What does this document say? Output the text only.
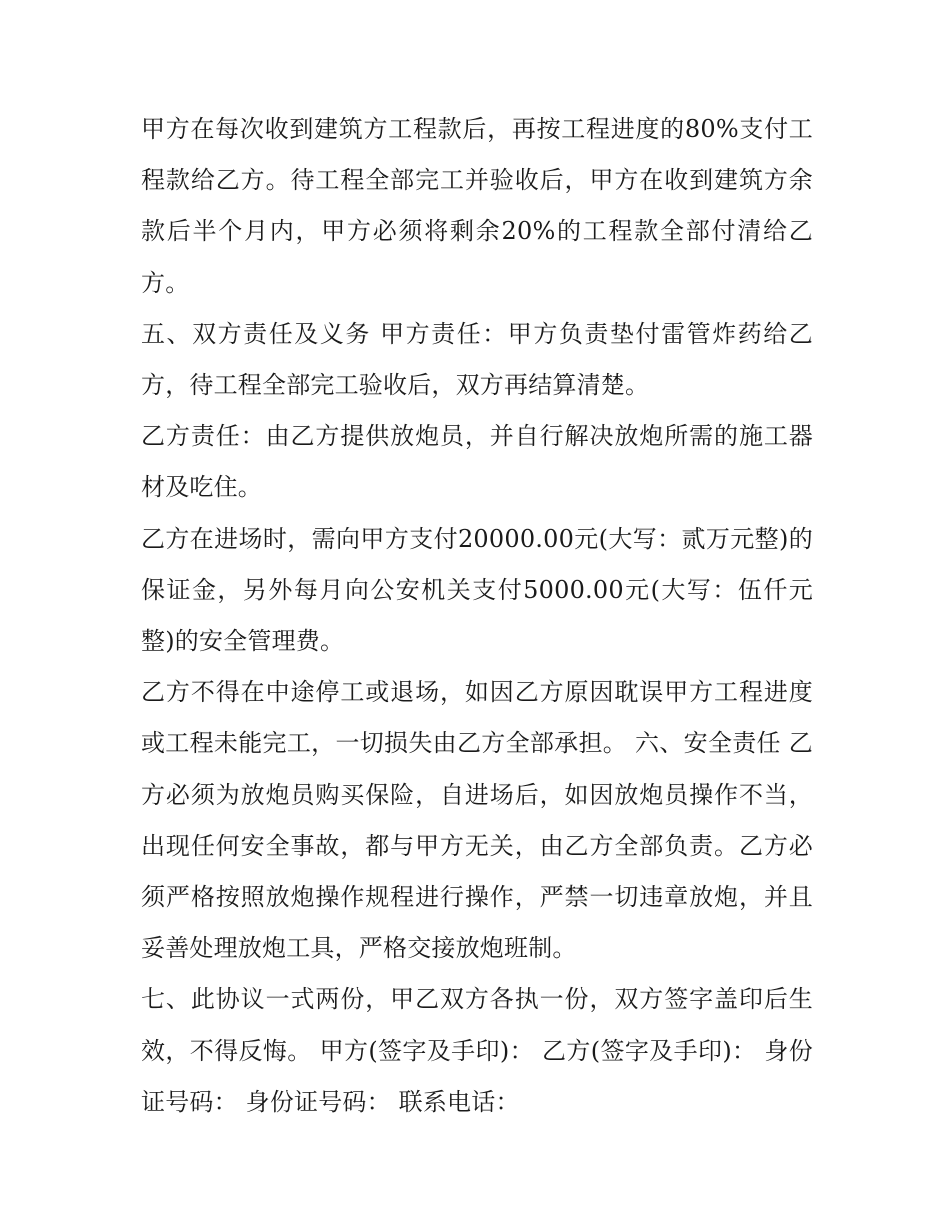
甲方在每次收到建筑方工程款后，再按工程进度的80%支付工程款给乙方。待工程全部完工并验收后，甲方在收到建筑方余款后半个月内，甲方必须将剩余20%的工程款全部付清给乙方。

五、双方责任及义务 甲方责任：甲方负责垫付雷管炸药给乙方，待工程全部完工验收后，双方再结算清楚。

乙方责任：由乙方提供放炮员，并自行解决放炮所需的施工器材及吃住。

乙方在进场时，需向甲方支付20000.00元(大写：贰万元整)的保证金，另外每月向公安机关支付5000.00元(大写：伍仟元整)的安全管理费。

乙方不得在中途停工或退场，如因乙方原因耽误甲方工程进度或工程未能完工，一切损失由乙方全部承担。 六、安全责任 乙方必须为放炮员购买保险，自进场后，如因放炮员操作不当，出现任何安全事故，都与甲方无关，由乙方全部负责。乙方必须严格按照放炮操作规程进行操作，严禁一切违章放炮，并且妥善处理放炮工具，严格交接放炮班制。

七、此协议一式两份，甲乙双方各执一份，双方签字盖印后生效，不得反悔。 甲方(签字及手印)： 乙方(签字及手印)： 身份证号码： 身份证号码： 联系电话：
